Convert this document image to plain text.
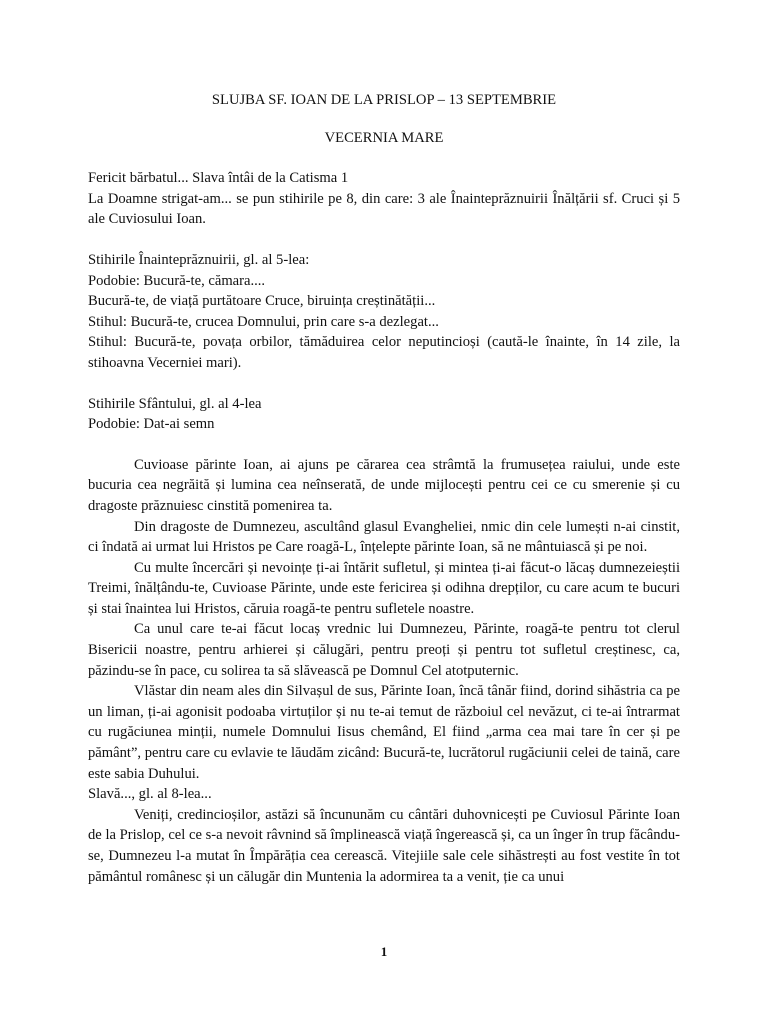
SLUJBA SF. IOAN DE LA PRISLOP – 13 SEPTEMBRIE

VECERNIA MARE

Fericit bărbatul... Slava întâi de la Catisma 1

La Doamne strigat-am... se pun stihirile pe 8, din care: 3 ale Înainteprăznuirii Înălțării sf. Cruci și 5 ale Cuviosului Ioan.

Stihirile Înainteprăznuirii, gl. al 5-lea:

Podobie: Bucură-te, cămara....

Bucură-te, de viață purtătoare Cruce, biruința creștinătății...

Stihul: Bucură-te, crucea Domnului, prin care s-a dezlegat...

Stihul: Bucură-te, povața orbilor, tămăduirea celor neputincioși (caută-le înainte, în 14 zile, la stihoavna Vecerniei mari).

Stihirile Sfântului, gl. al 4-lea

Podobie: Dat-ai semn

Cuvioase părinte Ioan, ai ajuns pe cărarea cea strâmtă la frumusețea raiului, unde este bucuria cea negrăită și lumina cea neînserată, de unde mijlocești pentru cei ce cu smerenie și cu dragoste prăznuiesc cinstită pomenirea ta.

Din dragoste de Dumnezeu, ascultând glasul Evangheliei, nmic din cele lumești n-ai cinstit, ci îndată ai urmat lui Hristos pe Care roagă-L, înțelepte părinte Ioan, să ne mântuiască și pe noi.

Cu multe încercări și nevoințe ți-ai întărit sufletul, și mintea ți-ai făcut-o lăcaș dumnezeieștii Treimi, înălțându-te, Cuvioase Părinte, unde este fericirea și odihna drepților, cu care acum te bucuri și stai înaintea lui Hristos, căruia roagă-te pentru sufletele noastre.

Ca unul care te-ai făcut locaș vrednic lui Dumnezeu, Părinte, roagă-te pentru tot clerul Bisericii noastre, pentru arhierei și călugări, pentru preoți și pentru tot sufletul creștinesc, ca, păzindu-se în pace, cu solirea ta să slăvească pe Domnul Cel atotputernic.

Vlăstar din neam ales din Silvașul de sus, Părinte Ioan, încă tânăr fiind, dorind sihăstria ca pe un liman, ți-ai agonisit podoaba virtuților și nu te-ai temut de războiul cel nevăzut, ci te-ai întrarmat cu rugăciunea minții, numele Domnului Iisus chemând, El fiind „arma cea mai tare în cer și pe pământ”, pentru care cu evlavie te lăudăm zicând: Bucură-te, lucrătorul rugăciunii celei de taină, care este sabia Duhului.

Slavă..., gl. al 8-lea...

Veniți, credincioșilor, astăzi să încununăm cu cântări duhovnicești pe Cuviosul Părinte Ioan de la Prislop, cel ce s-a nevoit râvnind să împlinească viață îngerească și, ca un înger în trup făcându-se, Dumnezeu l-a mutat în Împărăția cea cerească. Vitejiile sale cele sihăstrești au fost vestite în tot pământul românesc și un călugăr din Muntenia la adormirea ta a venit, ție ca unui

1
